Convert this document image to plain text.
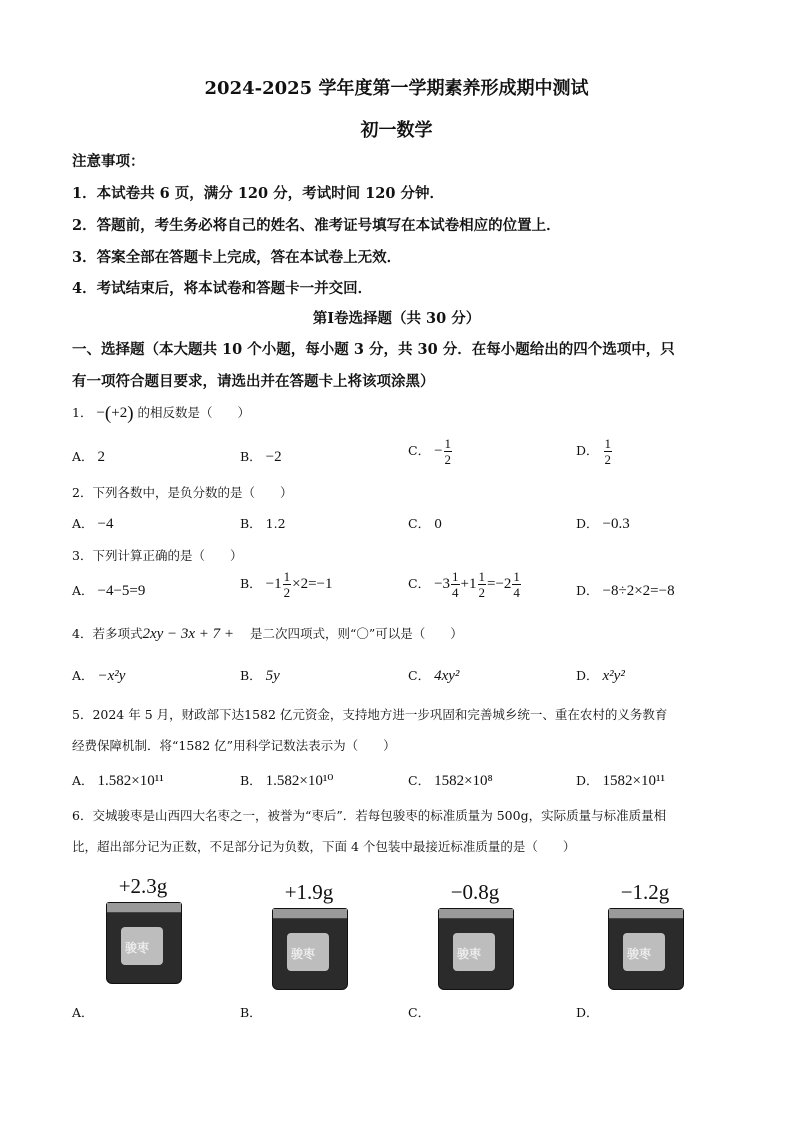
2024-2025 学年度第一学期素养形成期中测试
初一数学
注意事项：
1．本试卷共 6 页，满分 120 分，考试时间 120 分钟．
2．答题前，考生务必将自己的姓名、准考证号填写在本试卷相应的位置上．
3．答案全部在答题卡上完成，答在本试卷上无效．
4．考试结束后，将本试卷和答题卡一并交回．
第Ⅰ卷选择题（共 30 分）
一、选择题（本大题共 10 个小题，每小题 3 分，共 30 分．在每小题给出的四个选项中，只
有一项符合题目要求，请选出并在答题卡上将该项涂黑）
1． −(+2) 的相反数是（　　）
A． 2	B． −2	C． − $\frac{1}{2}$	D． $\frac{1}{2}$
2．下列各数中，是负分数的是（　　）
A． −4	B． 1.2	C． 0	D． −0.3
3．下列计算正确的是（　　）
A． −4−5=9	B． $-1 \frac{1}{2} \times 2=-1$	C． $-3 \frac{1}{4} +1 \frac{1}{2} =-2 \frac{1}{4}$	D． −8÷2×2=−8
4．若多项式2xy − 3x + 7 + 是二次四项式，则“〇”可以是（　　）
A． −x²y	B． 5y	C． 4xy²	D． x²y²
5．2024 年 5 月，财政部下达1582 亿元资金，支持地方进一步巩固和完善城乡统一、重在农村的义务教育
经费保障机制．将“1582 亿”用科学记数法表示为（　　）
A． 1.582×10¹¹	B． 1.582×10¹⁰	C． 1582×10⁸	D． 1582×10¹¹
6．交城骏枣是山西四大名枣之一，被誉为“枣后”．若每包骏枣的标准质量为 500g，实际质量与标准质量相
比，超出部分记为正数，不足部分记为负数，下面 4 个包装中最接近标准质量的是（　　）
+2.3g
骏枣
+1.9g
骏枣
−0.8g
骏枣
−1.2g
骏枣
A．	B．	C．	D．
